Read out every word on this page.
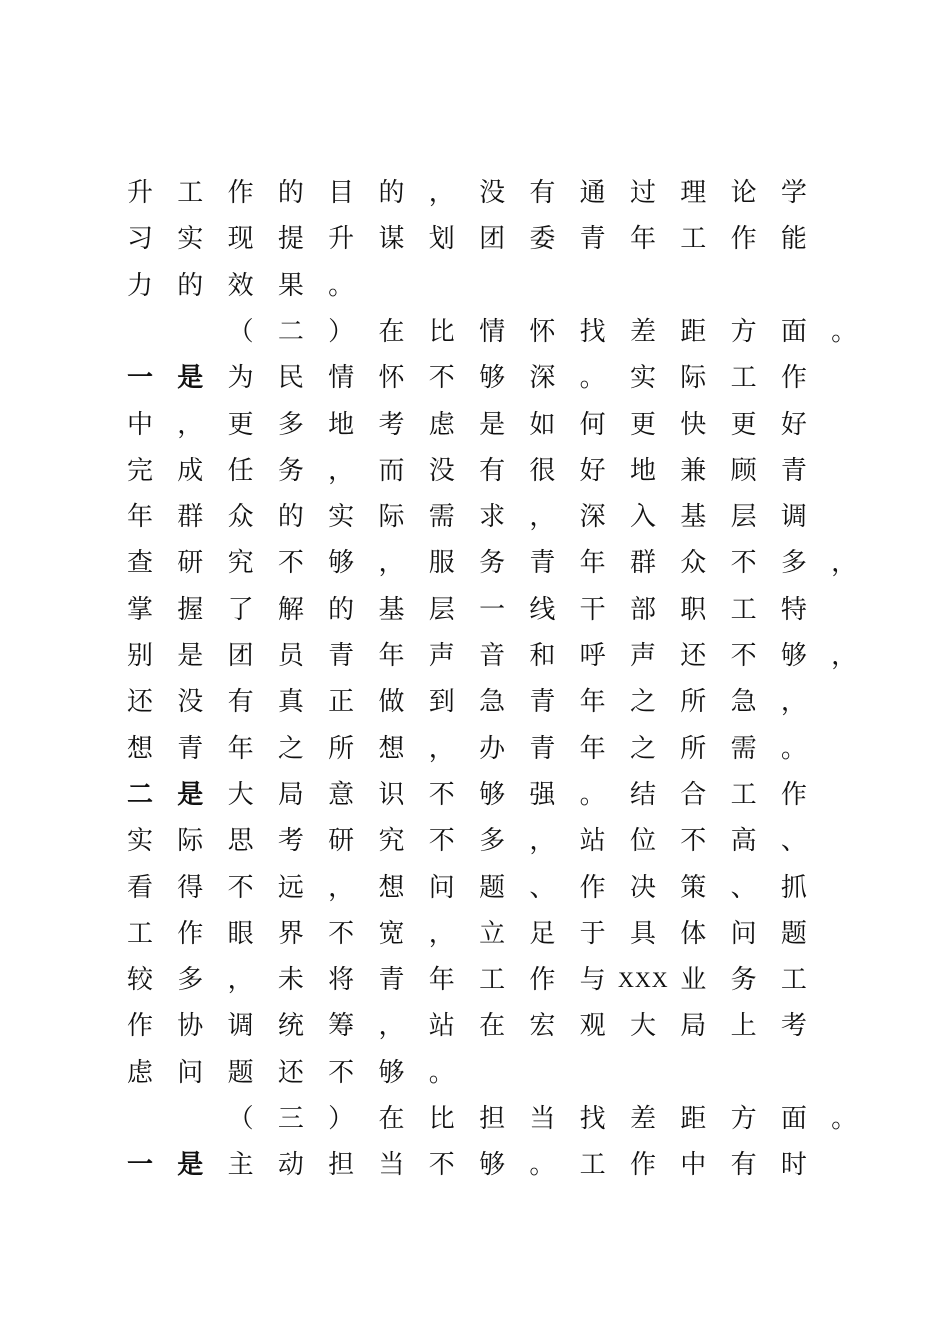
升 工 作 的 目 的 ， 没 有 通 过 理 论 学
习 实 现 提 升 谋 划 团 委 青 年 工 作 能
力 的 效 果 。
（ 二 ） 在 比 情 怀 找 差 距 方 面 。
一 是 为 民 情 怀 不 够 深 。 实 际 工 作
中 ， 更 多 地 考 虑 是 如 何 更 快 更 好
完 成 任 务 ， 而 没 有 很 好 地 兼 顾 青
年 群 众 的 实 际 需 求 ， 深 入 基 层 调
查 研 究 不 够 ， 服 务 青 年 群 众 不 多 ，
掌 握 了 解 的 基 层 一 线 干 部 职 工 特
别 是 团 员 青 年 声 音 和 呼 声 还 不 够 ，
还 没 有 真 正 做 到 急 青 年 之 所 急 ，
想 青 年 之 所 想 ， 办 青 年 之 所 需 。
二 是 大 局 意 识 不 够 强 。 结 合 工 作
实 际 思 考 研 究 不 多 ， 站 位 不 高 、
看 得 不 远 ， 想 问 题 、 作 决 策 、 抓
工 作 眼 界 不 宽 ， 立 足 于 具 体 问 题
较 多 ， 未 将 青 年 工 作 与 XXX 业 务 工
作 协 调 统 筹 ， 站 在 宏 观 大 局 上 考
虑 问 题 还 不 够 。
（ 三 ） 在 比 担 当 找 差 距 方 面 。
一 是 主 动 担 当 不 够 。 工 作 中 有 时
